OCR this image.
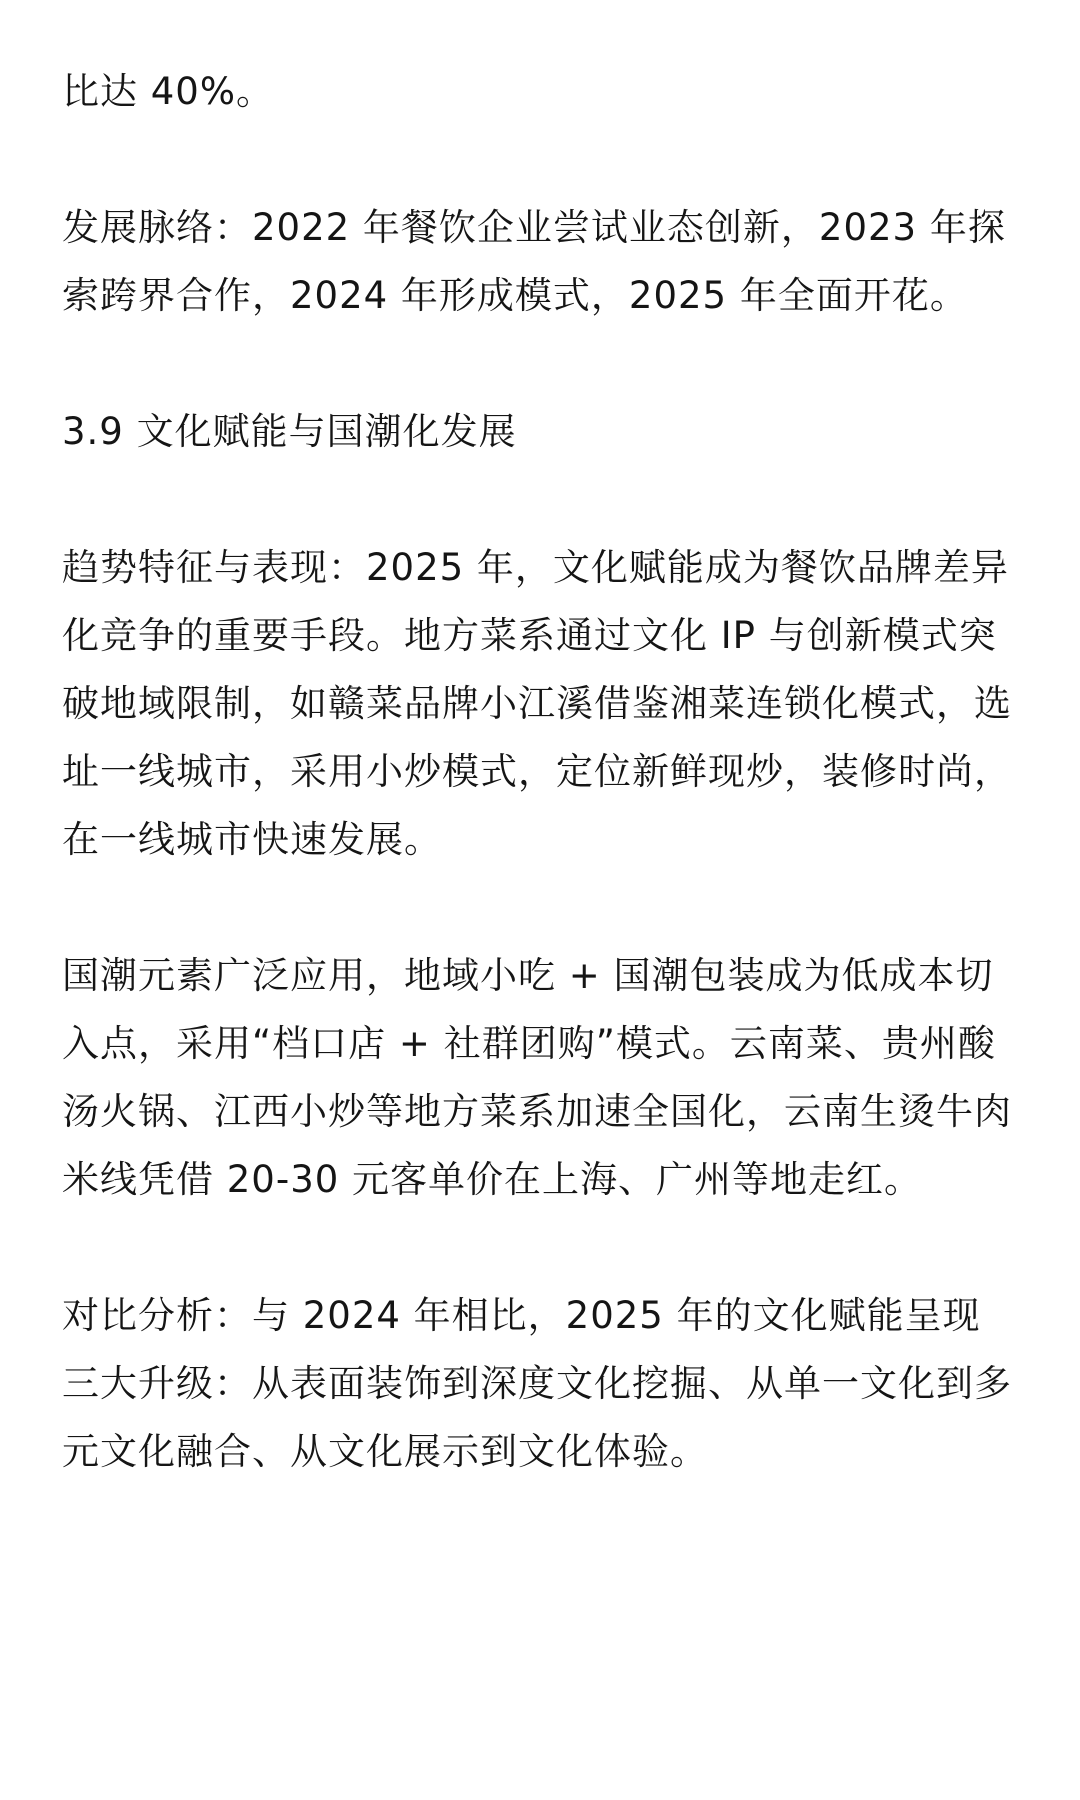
比达 40%。

发展脉络：2022 年餐饮企业尝试业态创新，2023 年探索跨界合作，2024 年形成模式，2025 年全面开花。

3.9 文化赋能与国潮化发展

趋势特征与表现：2025 年，文化赋能成为餐饮品牌差异化竞争的重要手段。地方菜系通过文化 IP 与创新模式突破地域限制，如赣菜品牌小江溪借鉴湘菜连锁化模式，选址一线城市，采用小炒模式，定位新鲜现炒，装修时尚，在一线城市快速发展。

国潮元素广泛应用，地域小吃 + 国潮包装成为低成本切入点，采用“档口店 + 社群团购”模式。云南菜、贵州酸汤火锅、江西小炒等地方菜系加速全国化，云南生烫牛肉米线凭借 20-30 元客单价在上海、广州等地走红。

对比分析：与 2024 年相比，2025 年的文化赋能呈现三大升级：从表面装饰到深度文化挖掘、从单一文化到多元文化融合、从文化展示到文化体验。
